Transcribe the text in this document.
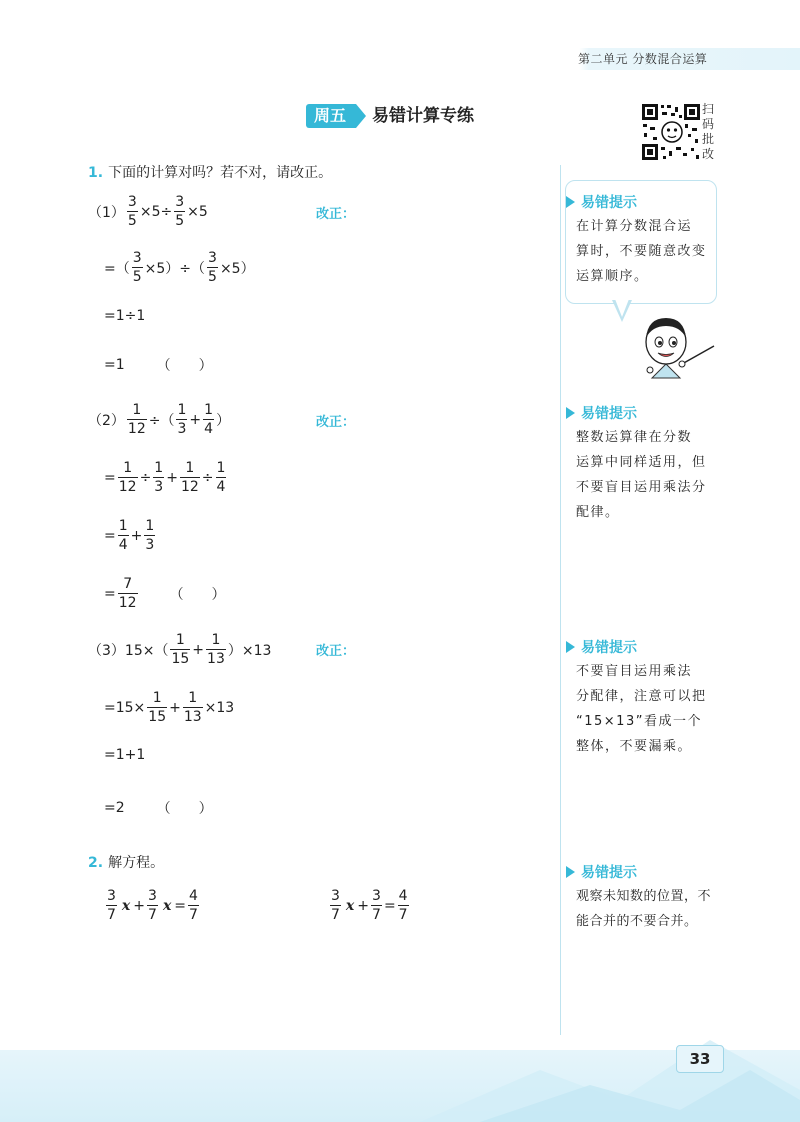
第二单元 分数混合运算
周五	易错计算专练	扫码批改
1. 下面的计算对吗？若不对，请改正。
$(1) \frac{3}{5} \times 5\div \frac{3}{5} \times 5$	改正：
=（ $\frac{3}{5} \times 5)\div( \frac{3}{5} \times 5)$
=1÷1
=1 （　　）
$(2) \frac{1}{12}$ ÷（ $\frac{1}{3} + \frac{1}{4}$ ）	改正：
= $\frac{1}{12} \div \frac{1}{3} + \frac{1}{12} \div \frac{1}{4}$
= $\frac{1}{4} + \frac{1}{3}$
= $\frac{7}{12}$ （　　）
（3） $15\times( \frac{1}{15} + \frac{1}{13} )\times 13$	改正：
$=15\times \frac{1}{15} + \frac{1}{13} \times 13$
=1+1
=2 （　　）
2. 解方程。
$\frac{3}{7}$ $x + \frac{3}{7}$ $x = \frac{4}{7}$	$\frac{3}{7}$ $x + \frac{3}{7} = \frac{4}{7}$
易错提示
在计算分数混合运
算时，不要随意改变
运算顺序。
易错提示
整数运算律在分数
运算中同样适用，但
不要盲目运用乘法分
配律。
易错提示
不要盲目运用乘法
分配律，注意可以把
“15×13”看成一个
整体，不要漏乘。
易错提示
观察未知数的位置，不
能合并的不要合并。
33
